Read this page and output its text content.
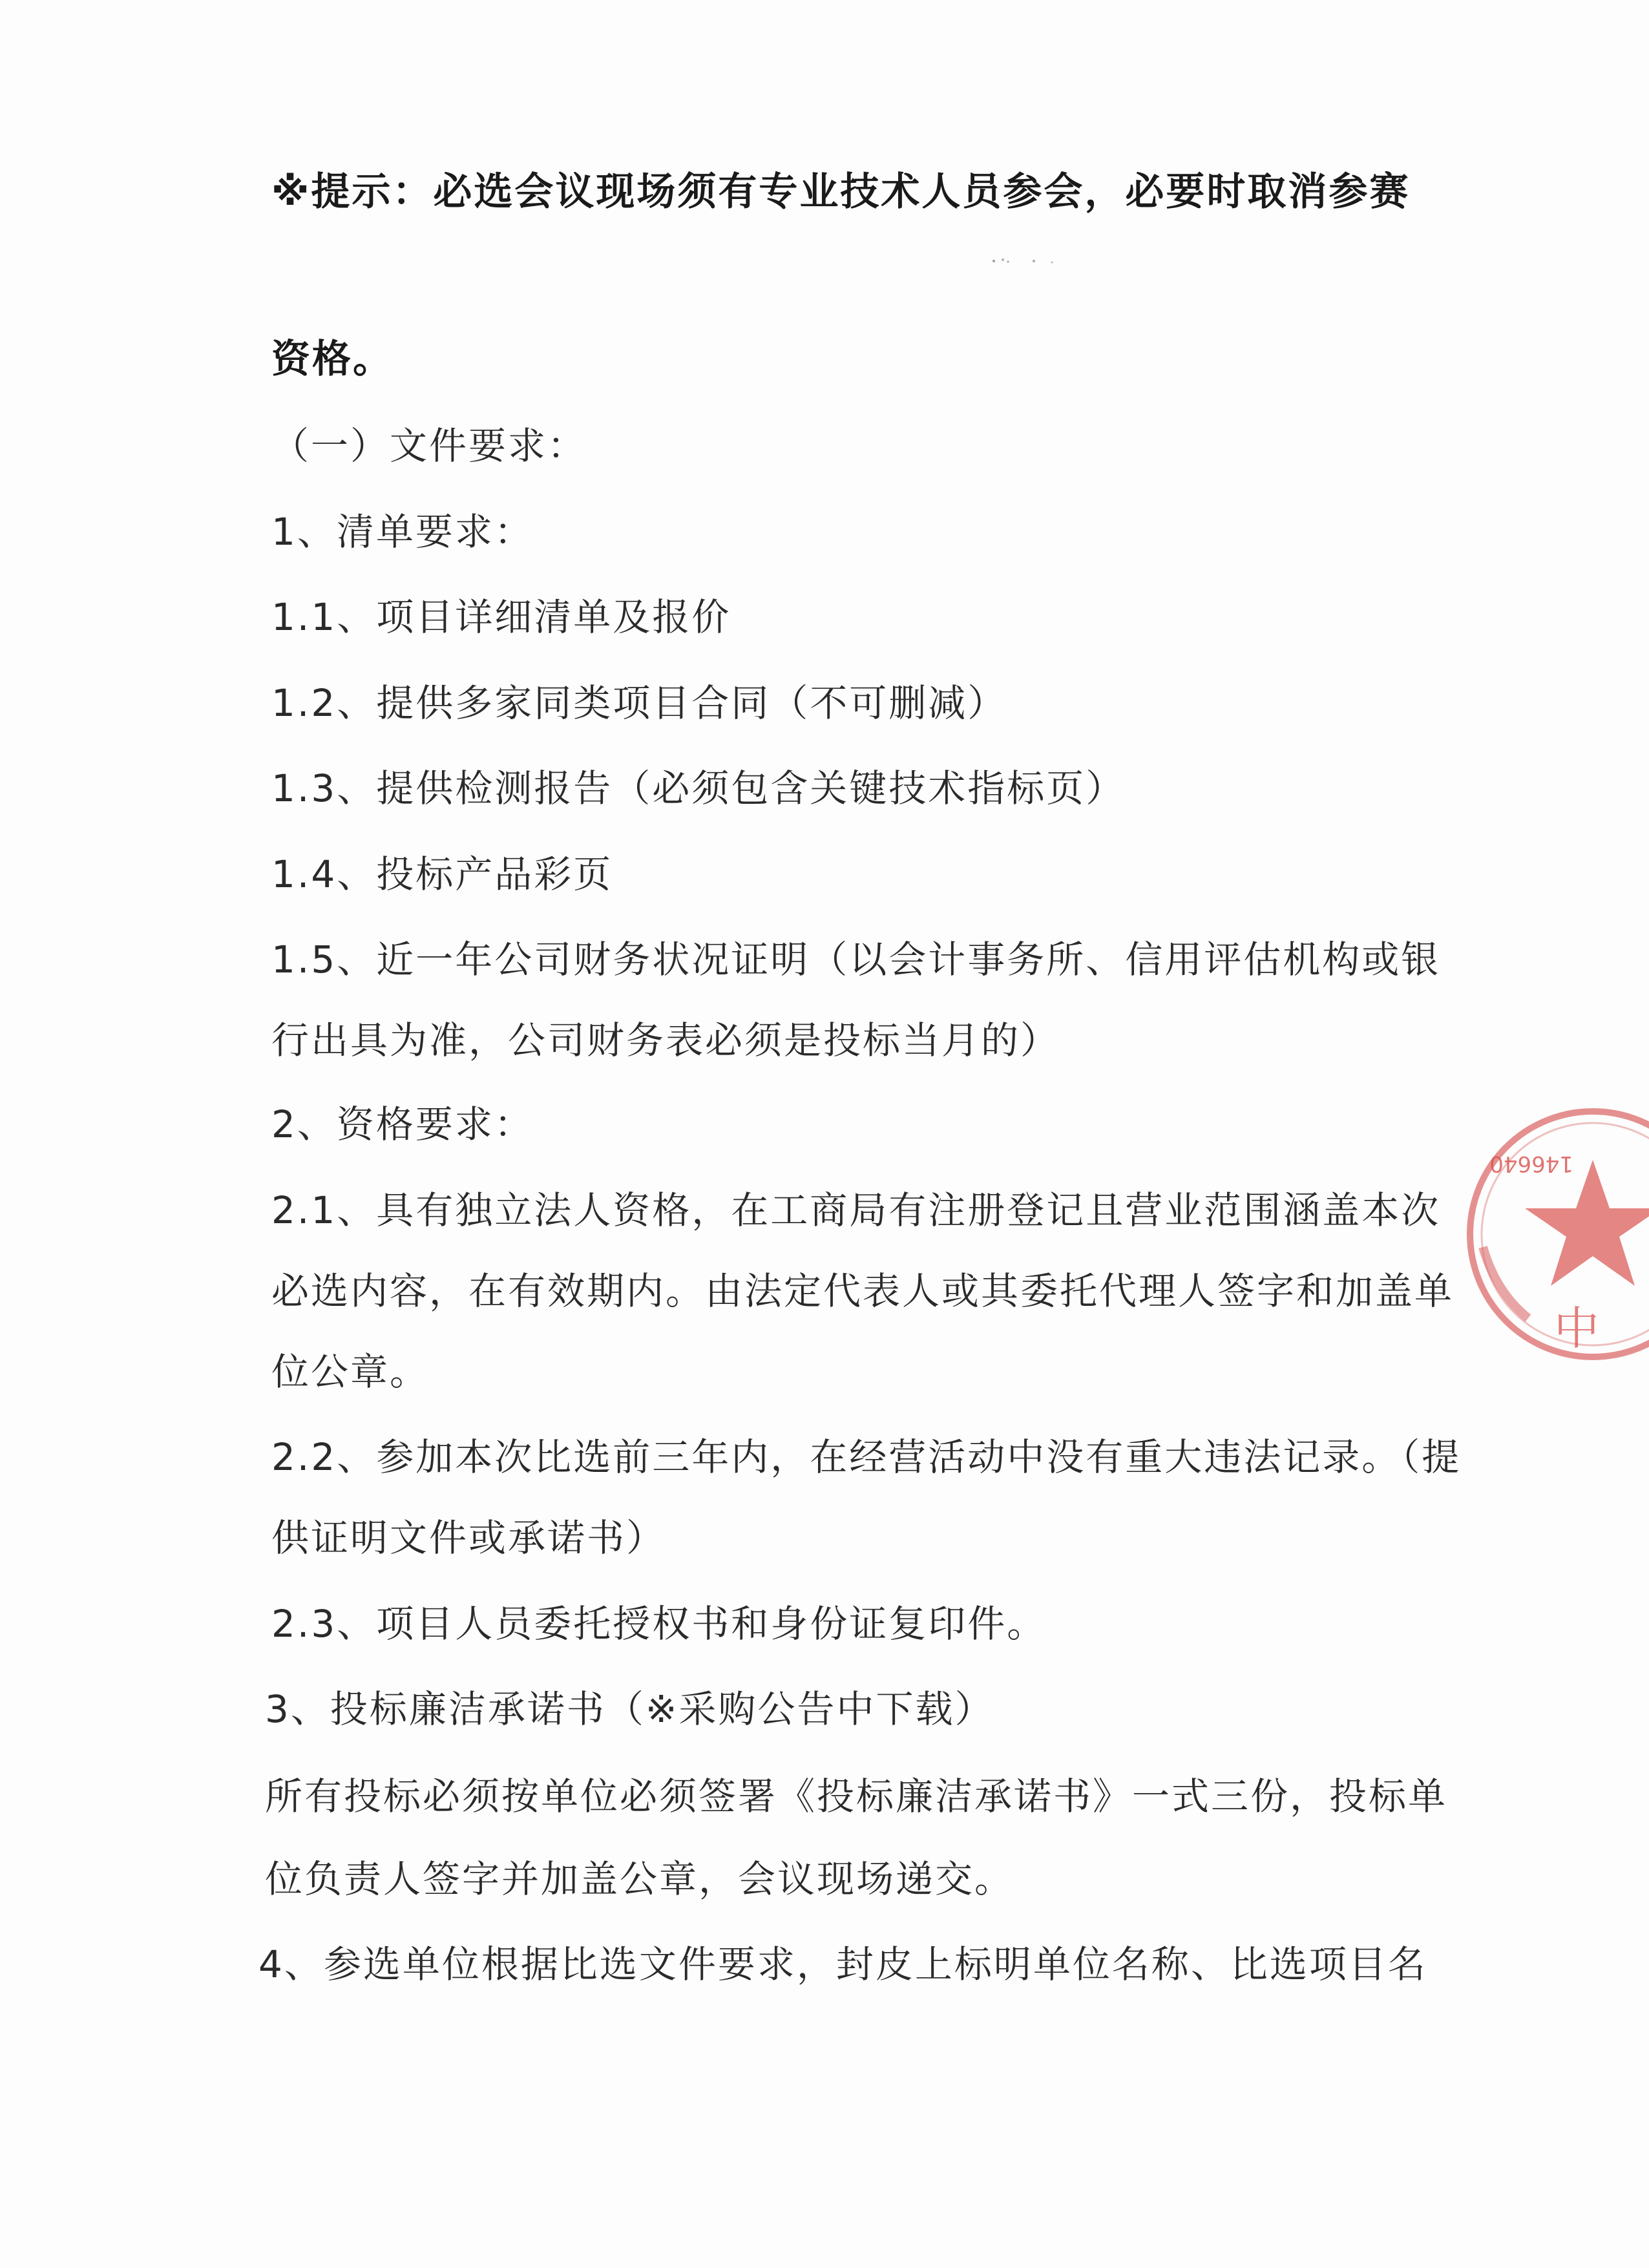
※提示：必选会议现场须有专业技术人员参会，必要时取消参赛
资格。
（一）文件要求：
1、清单要求：
1.1、项目详细清单及报价
1.2、提供多家同类项目合同（不可删减）
1.3、提供检测报告（必须包含关键技术指标页）
1.4、投标产品彩页
1.5、近一年公司财务状况证明（以会计事务所、信用评估机构或银
行出具为准，公司财务表必须是投标当月的）
2、资格要求：
2.1、具有独立法人资格，在工商局有注册登记且营业范围涵盖本次
必选内容，在有效期内。由法定代表人或其委托代理人签字和加盖单
位公章。
2.2、参加本次比选前三年内，在经营活动中没有重大违法记录。（提
供证明文件或承诺书）
2.3、项目人员委托授权书和身份证复印件。
3、投标廉洁承诺书（※采购公告中下载）
所有投标必须按单位必须签署《投标廉洁承诺书》一式三份，投标单
位负责人签字并加盖公章，会议现场递交。
4、参选单位根据比选文件要求，封皮上标明单位名称、比选项目名
146640
中
